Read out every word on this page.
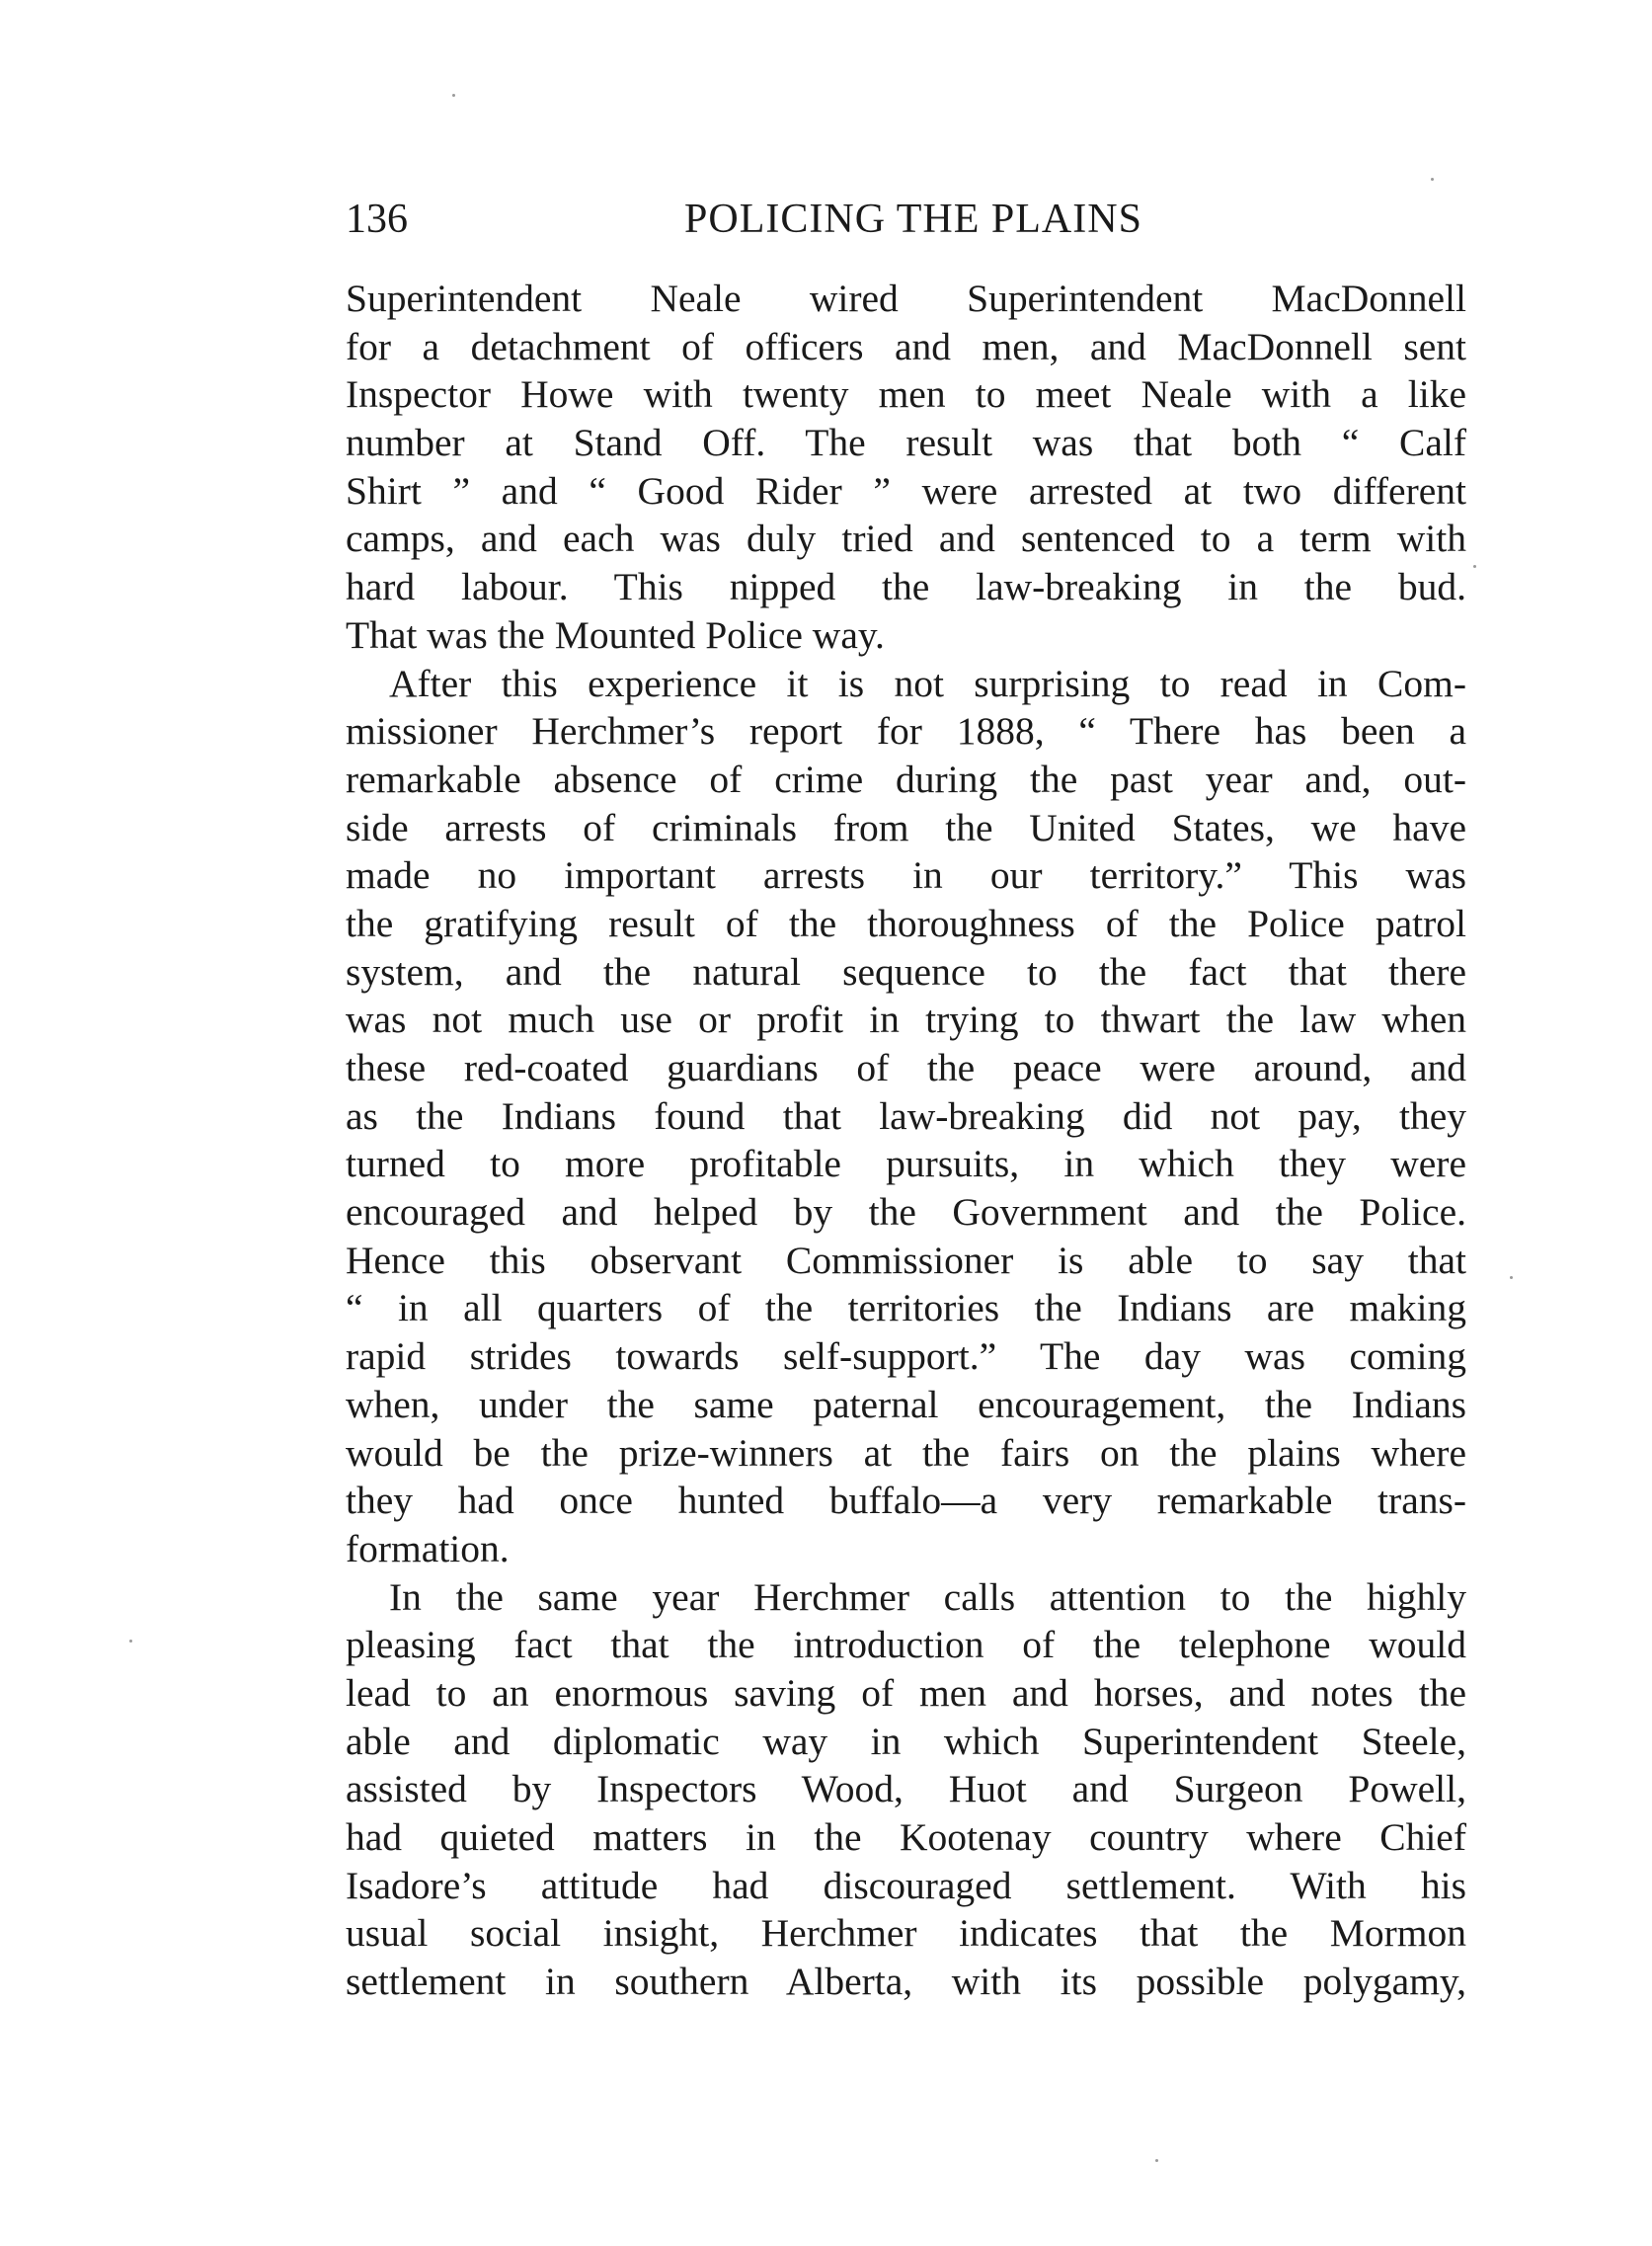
136	POLICING THE PLAINS
Superintendent Neale wired Superintendent MacDonnell
for a detachment of officers and men, and MacDonnell sent
Inspector Howe with twenty men to meet Neale with a like
number at Stand Off. The result was that both “ Calf
Shirt ” and “ Good Rider ” were arrested at two different
camps, and each was duly tried and sentenced to a term with
hard labour. This nipped the law-breaking in the bud.
That was the Mounted Police way.
After this experience it is not surprising to read in Com-
missioner Herchmer’s report for 1888, “ There has been a
remarkable absence of crime during the past year and, out-
side arrests of criminals from the United States, we have
made no important arrests in our territory.” This was
the gratifying result of the thoroughness of the Police patrol
system, and the natural sequence to the fact that there
was not much use or profit in trying to thwart the law when
these red-coated guardians of the peace were around, and
as the Indians found that law-breaking did not pay, they
turned to more profitable pursuits, in which they were
encouraged and helped by the Government and the Police.
Hence this observant Commissioner is able to say that
“ in all quarters of the territories the Indians are making
rapid strides towards self-support.” The day was coming
when, under the same paternal encouragement, the Indians
would be the prize-winners at the fairs on the plains where
they had once hunted buffalo—a very remarkable trans-
formation.
In the same year Herchmer calls attention to the highly
pleasing fact that the introduction of the telephone would
lead to an enormous saving of men and horses, and notes the
able and diplomatic way in which Superintendent Steele,
assisted by Inspectors Wood, Huot and Surgeon Powell,
had quieted matters in the Kootenay country where Chief
Isadore’s attitude had discouraged settlement. With his
usual social insight, Herchmer indicates that the Mormon
settlement in southern Alberta, with its possible polygamy,
